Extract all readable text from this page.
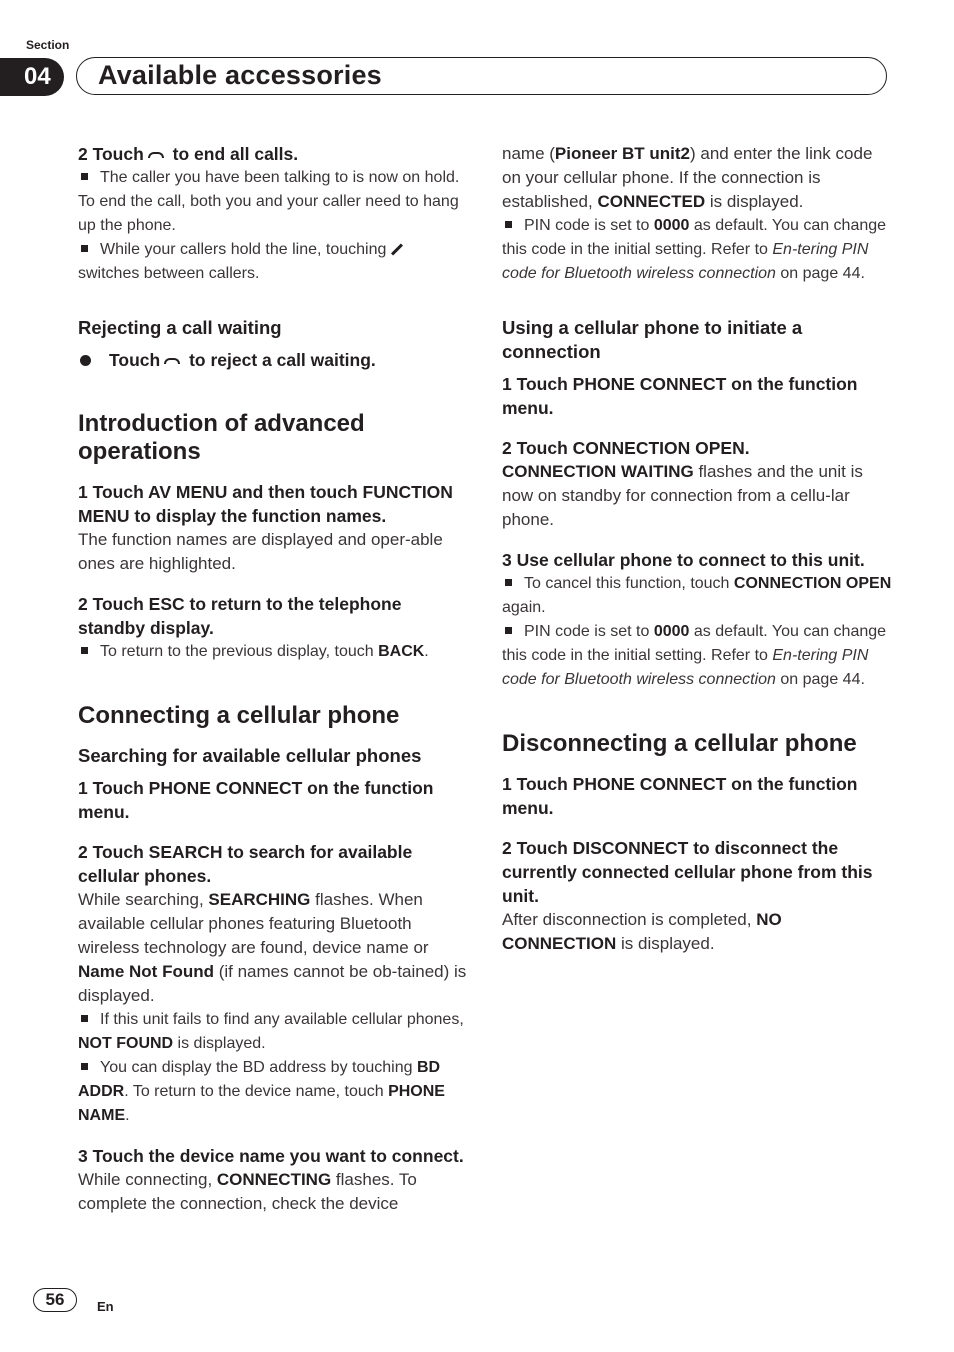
Section
04	Available accessories

2 Touch to end all calls.

The caller you have been talking to is now on hold. To end the call, both you and your caller need to hang up the phone.

While your callers hold the line, touching switches between callers.

Rejecting a call waiting

Touch to reject a call waiting.

Introduction of advanced operations

1 Touch AV MENU and then touch FUNCTION MENU to display the function names.

The function names are displayed and oper-able ones are highlighted.

2 Touch ESC to return to the telephone standby display.

To return to the previous display, touch BACK.

Connecting a cellular phone

Searching for available cellular phones

1 Touch PHONE CONNECT on the function menu.

2 Touch SEARCH to search for available cellular phones.

While searching, SEARCHING flashes. When available cellular phones featuring Bluetooth wireless technology are found, device name or Name Not Found (if names cannot be ob-tained) is displayed.

If this unit fails to find any available cellular phones, NOT FOUND is displayed.

You can display the BD address by touching BD ADDR. To return to the device name, touch PHONE NAME.

3 Touch the device name you want to connect.

While connecting, CONNECTING flashes. To complete the connection, check the device

name (Pioneer BT unit2) and enter the link code on your cellular phone. If the connection is established, CONNECTED is displayed.

PIN code is set to 0000 as default. You can change this code in the initial setting. Refer to En-tering PIN code for Bluetooth wireless connection on page 44.

Using a cellular phone to initiate a connection

1 Touch PHONE CONNECT on the function menu.

2 Touch CONNECTION OPEN.

CONNECTION WAITING flashes and the unit is now on standby for connection from a cellu-lar phone.

3 Use cellular phone to connect to this unit.

To cancel this function, touch CONNECTION OPEN again.

PIN code is set to 0000 as default. You can change this code in the initial setting. Refer to En-tering PIN code for Bluetooth wireless connection on page 44.

Disconnecting a cellular phone

1 Touch PHONE CONNECT on the function menu.

2 Touch DISCONNECT to disconnect the currently connected cellular phone from this unit.

After disconnection is completed, NO CONNECTION is displayed.

56	En
